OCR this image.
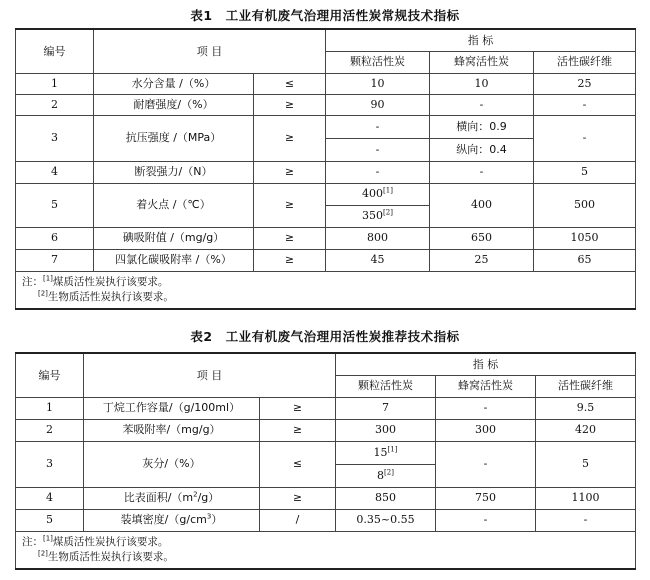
表1　工业有机废气治理用活性炭常规技术指标
编号	项 目		指 标		
			颗粒活性炭	蜂窝活性炭	活性碳纤维
1	水分含量 /（%）	≤	10	10	25
2	耐磨强度/（%）	≥	90	-	-
3	抗压强度 /（MPa）	≥	-	横向：0.9	-
			-	纵向：0.4	
4	断裂强力/（N）	≥	-	-	5
5	着火点 /（℃）	≥	400[1]	400	500
			350[2]
6	碘吸附值 /（mg/g）	≥	800	650	1050
7	四氯化碳吸附率 /（%）	≥	45	25	65

注：[1]煤质活性炭执行该要求。
[2]生物质活性炭执行该要求。					
表2　工业有机废气治理用活性炭推荐技术指标
编号	项 目		指 标		
			颗粒活性炭	蜂窝活性炭	活性碳纤维
1	丁烷工作容量/（g/100ml）	≥	7	-	9.5
2	苯吸附率/（mg/g）	≥	300	300	420
3	灰分/（%）	≤	15[1]	-	5
			8[2]
4	比表面积$/(m^2/g)$	≥	850	750	1100
5	装填密度$/(g/cm^3)$	/	0.35~0.55	-	-

注：[1]煤质活性炭执行该要求。
[2]生物质活性炭执行该要求。					
